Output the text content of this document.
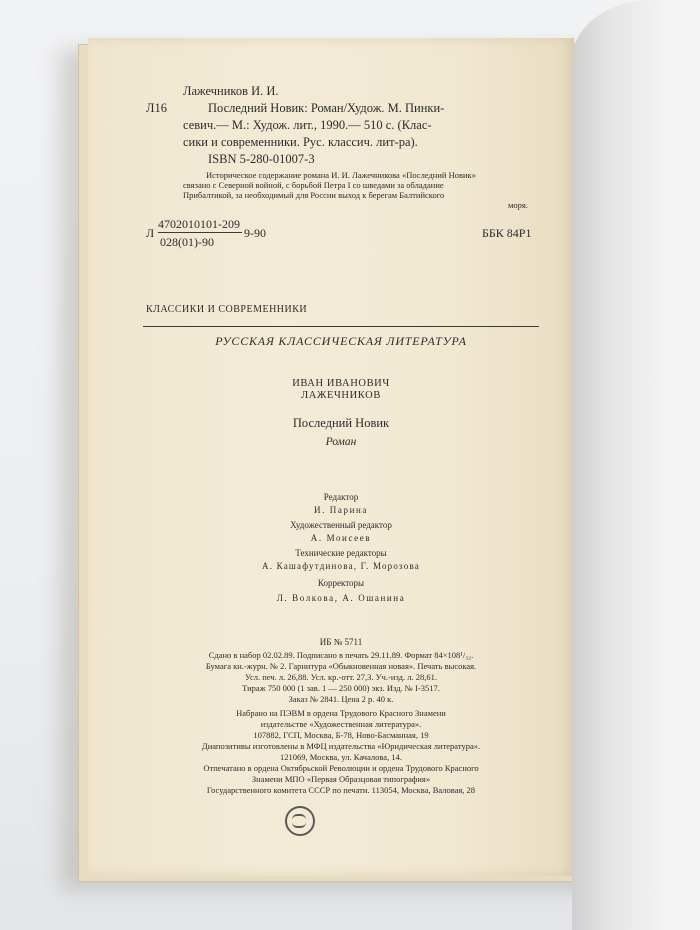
Лажечников И. И.
Л16	Последний Новик: Роман/Худож. М. Пинки-
севич.— М.: Худож. лит., 1990.— 510 с. (Клас-
сики и современники. Рус. классич. лит-ра).
ISBN 5-280-01007-3
Историческое содержание романа И. И. Лажечникова «Последний Новик»
связано с Северной войной, с борьбой Петра I со шведами за обладание
Прибалтикой, за необходимый для России выход к берегам Балтийского
моря.
Л
4702010101-209
028(01)-90
9-90	ББК 84Р1
КЛАССИКИ И СОВРЕМЕННИКИ
РУССКАЯ КЛАССИЧЕСКАЯ ЛИТЕРАТУРА
ИВАН ИВАНОВИЧ
ЛАЖЕЧНИКОВ
Последний Новик
Роман
Редактор
И. Парина
Художественный редактор
А. Моисеев
Технические редакторы
А. Кашафутдинова, Г. Морозова
Корректоры
Л. Волкова, А. Ошанина
ИБ № 5711
Сдано в набор 02.02.89. Подписано в печать 29.11.89. Формат 84×108¹/₃₂.
Бумага кн.-журн. № 2. Гарнитура «Обыкновенная новая». Печать высокая.
Усл. печ. л. 26,88. Усл. кр.-отт. 27,3. Уч.-изд. л. 28,61.
Тираж 750 000 (1 зав. 1 — 250 000) экз. Изд. № I-3517.
Заказ № 2841. Цена 2 р. 40 к.
Набрано на ПЭВМ в ордена Трудового Красного Знамени
издательстве «Художественная литература».
107882, ГСП, Москва, Б-78, Ново-Басманная, 19
Диапозитивы изготовлены в МФЦ издательства «Юридическая литература».
121069, Москва, ул. Качалова, 14.
Отпечатано в ордена Октябрьской Революции и ордена Трудового Красного
Знамени МПО «Первая Образцовая типография»
Государственного комитета СССР по печати. 113054, Москва, Валовая, 28
